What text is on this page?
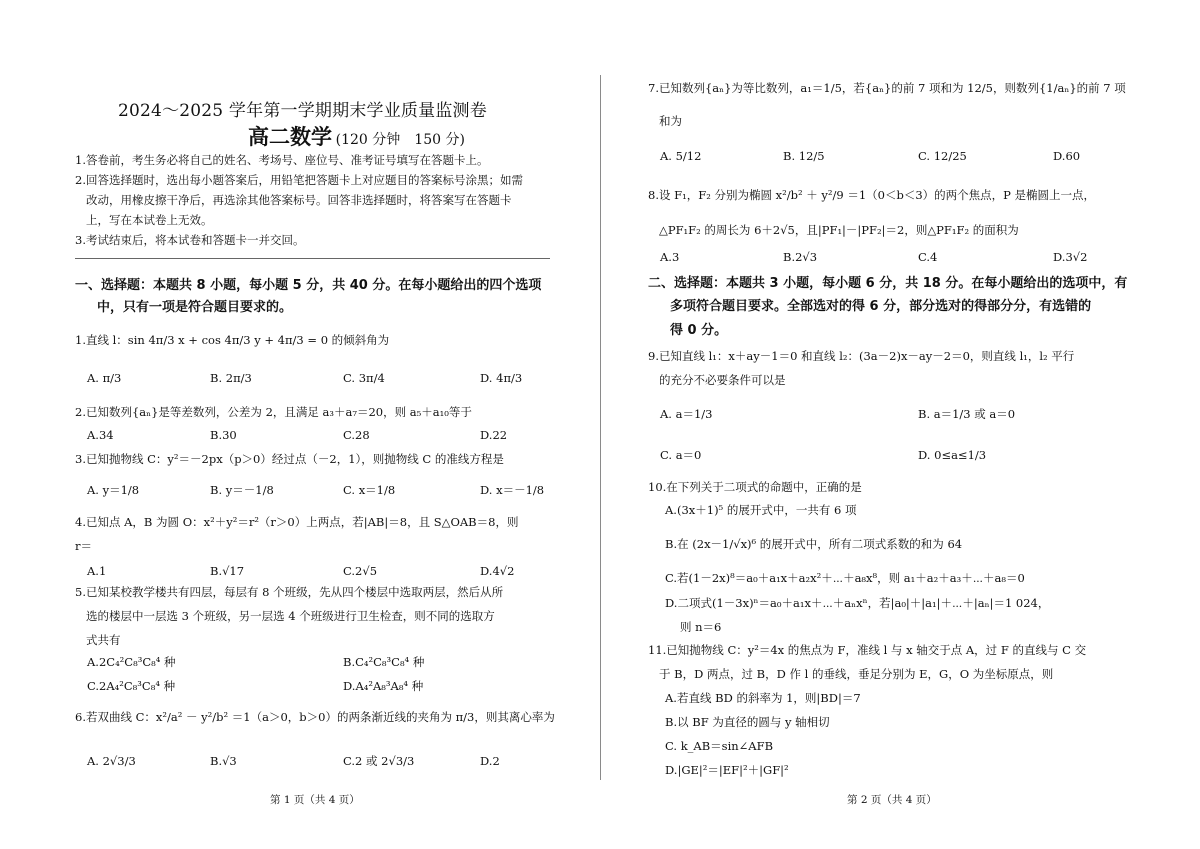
2024～2025 学年第一学期期末学业质量监测卷
高二数学 (120 分钟　150 分)
1.答卷前，考生务必将自己的姓名、考场号、座位号、准考证号填写在答题卡上。
2.回答选择题时，选出每小题答案后，用铅笔把答题卡上对应题目的答案标号涂黑；如需
改动，用橡皮擦干净后，再选涂其他答案标号。回答非选择题时，将答案写在答题卡
上，写在本试卷上无效。
3.考试结束后，将本试卷和答题卡一并交回。
一、选择题：本题共 8 小题，每小题 5 分，共 40 分。在每小题给出的四个选项
中，只有一项是符合题目要求的。
1.直线 l：sin 4π/3 x + cos 4π/3 y + 4π/3 = 0 的倾斜角为
A. π/3	B. 2π/3	C. 3π/4	D. 4π/3
2.已知数列{aₙ}是等差数列，公差为 2，且满足 a₃＋a₇＝20，则 a₅＋a₁₀等于
A.34	B.30	C.28	D.22
3.已知抛物线 C：y²＝－2px（p＞0）经过点（－2，1），则抛物线 C 的准线方程是
A. y＝1/8	B. y＝－1/8	C. x＝1/8	D. x＝－1/8
4.已知点 A，B 为圆 O：x²＋y²＝r²（r＞0）上两点，若|AB|＝8，且 S△OAB＝8，则
r＝
A.1	B.√17	C.2√5	D.4√2
5.已知某校教学楼共有四层，每层有 8 个班级，先从四个楼层中选取两层，然后从所
选的楼层中一层选 3 个班级，另一层选 4 个班级进行卫生检查，则不同的选取方
式共有
A.2C₄²C₈³C₈⁴ 种	B.C₄²C₈³C₈⁴ 种
C.2A₄²C₈³C₈⁴ 种	D.A₄²A₈³A₈⁴ 种
6.若双曲线 C：x²/a² － y²/b² ＝1（a＞0，b＞0）的两条渐近线的夹角为 π/3，则其离心率为
A. 2√3/3	B.√3	C.2 或 2√3/3	D.2
第 1 页（共 4 页）
7.已知数列{aₙ}为等比数列，a₁＝1/5，若{aₙ}的前 7 项和为 12/5，则数列{1/aₙ}的前 7 项
和为
A. 5/12	B. 12/5	C. 12/25	D.60
8.设 F₁，F₂ 分别为椭圆 x²/b² ＋ y²/9 ＝1（0＜b＜3）的两个焦点，P 是椭圆上一点，
△PF₁F₂ 的周长为 6＋2√5，且|PF₁|－|PF₂|＝2，则△PF₁F₂ 的面积为
A.3	B.2√3	C.4	D.3√2
二、选择题：本题共 3 小题，每小题 6 分，共 18 分。在每小题给出的选项中，有
多项符合题目要求。全部选对的得 6 分，部分选对的得部分分，有选错的
得 0 分。
9.已知直线 l₁：x＋ay－1＝0 和直线 l₂：(3a－2)x－ay－2＝0，则直线 l₁，l₂ 平行
的充分不必要条件可以是
A. a＝1/3	B. a＝1/3 或 a＝0
C. a＝0	D. 0≤a≤1/3
10.在下列关于二项式的命题中，正确的是
A.(3x＋1)⁵ 的展开式中，一共有 6 项
B.在 (2x－1/√x)⁶ 的展开式中，所有二项式系数的和为 64
C.若(1－2x)⁸＝a₀＋a₁x＋a₂x²＋⋯＋a₈x⁸，则 a₁＋a₂＋a₃＋⋯＋a₈＝0
D.二项式(1－3x)ⁿ＝a₀＋a₁x＋⋯＋aₙxⁿ，若|a₀|＋|a₁|＋⋯＋|aₙ|＝1 024，
则 n＝6
11.已知抛物线 C：y²＝4x 的焦点为 F，准线 l 与 x 轴交于点 A，过 F 的直线与 C 交
于 B，D 两点，过 B，D 作 l 的垂线，垂足分别为 E，G，O 为坐标原点，则
A.若直线 BD 的斜率为 1，则|BD|＝7
B.以 BF 为直径的圆与 y 轴相切
C. k_AB＝sin∠AFB
D.|GE|²＝|EF|²＋|GF|²
第 2 页（共 4 页）
